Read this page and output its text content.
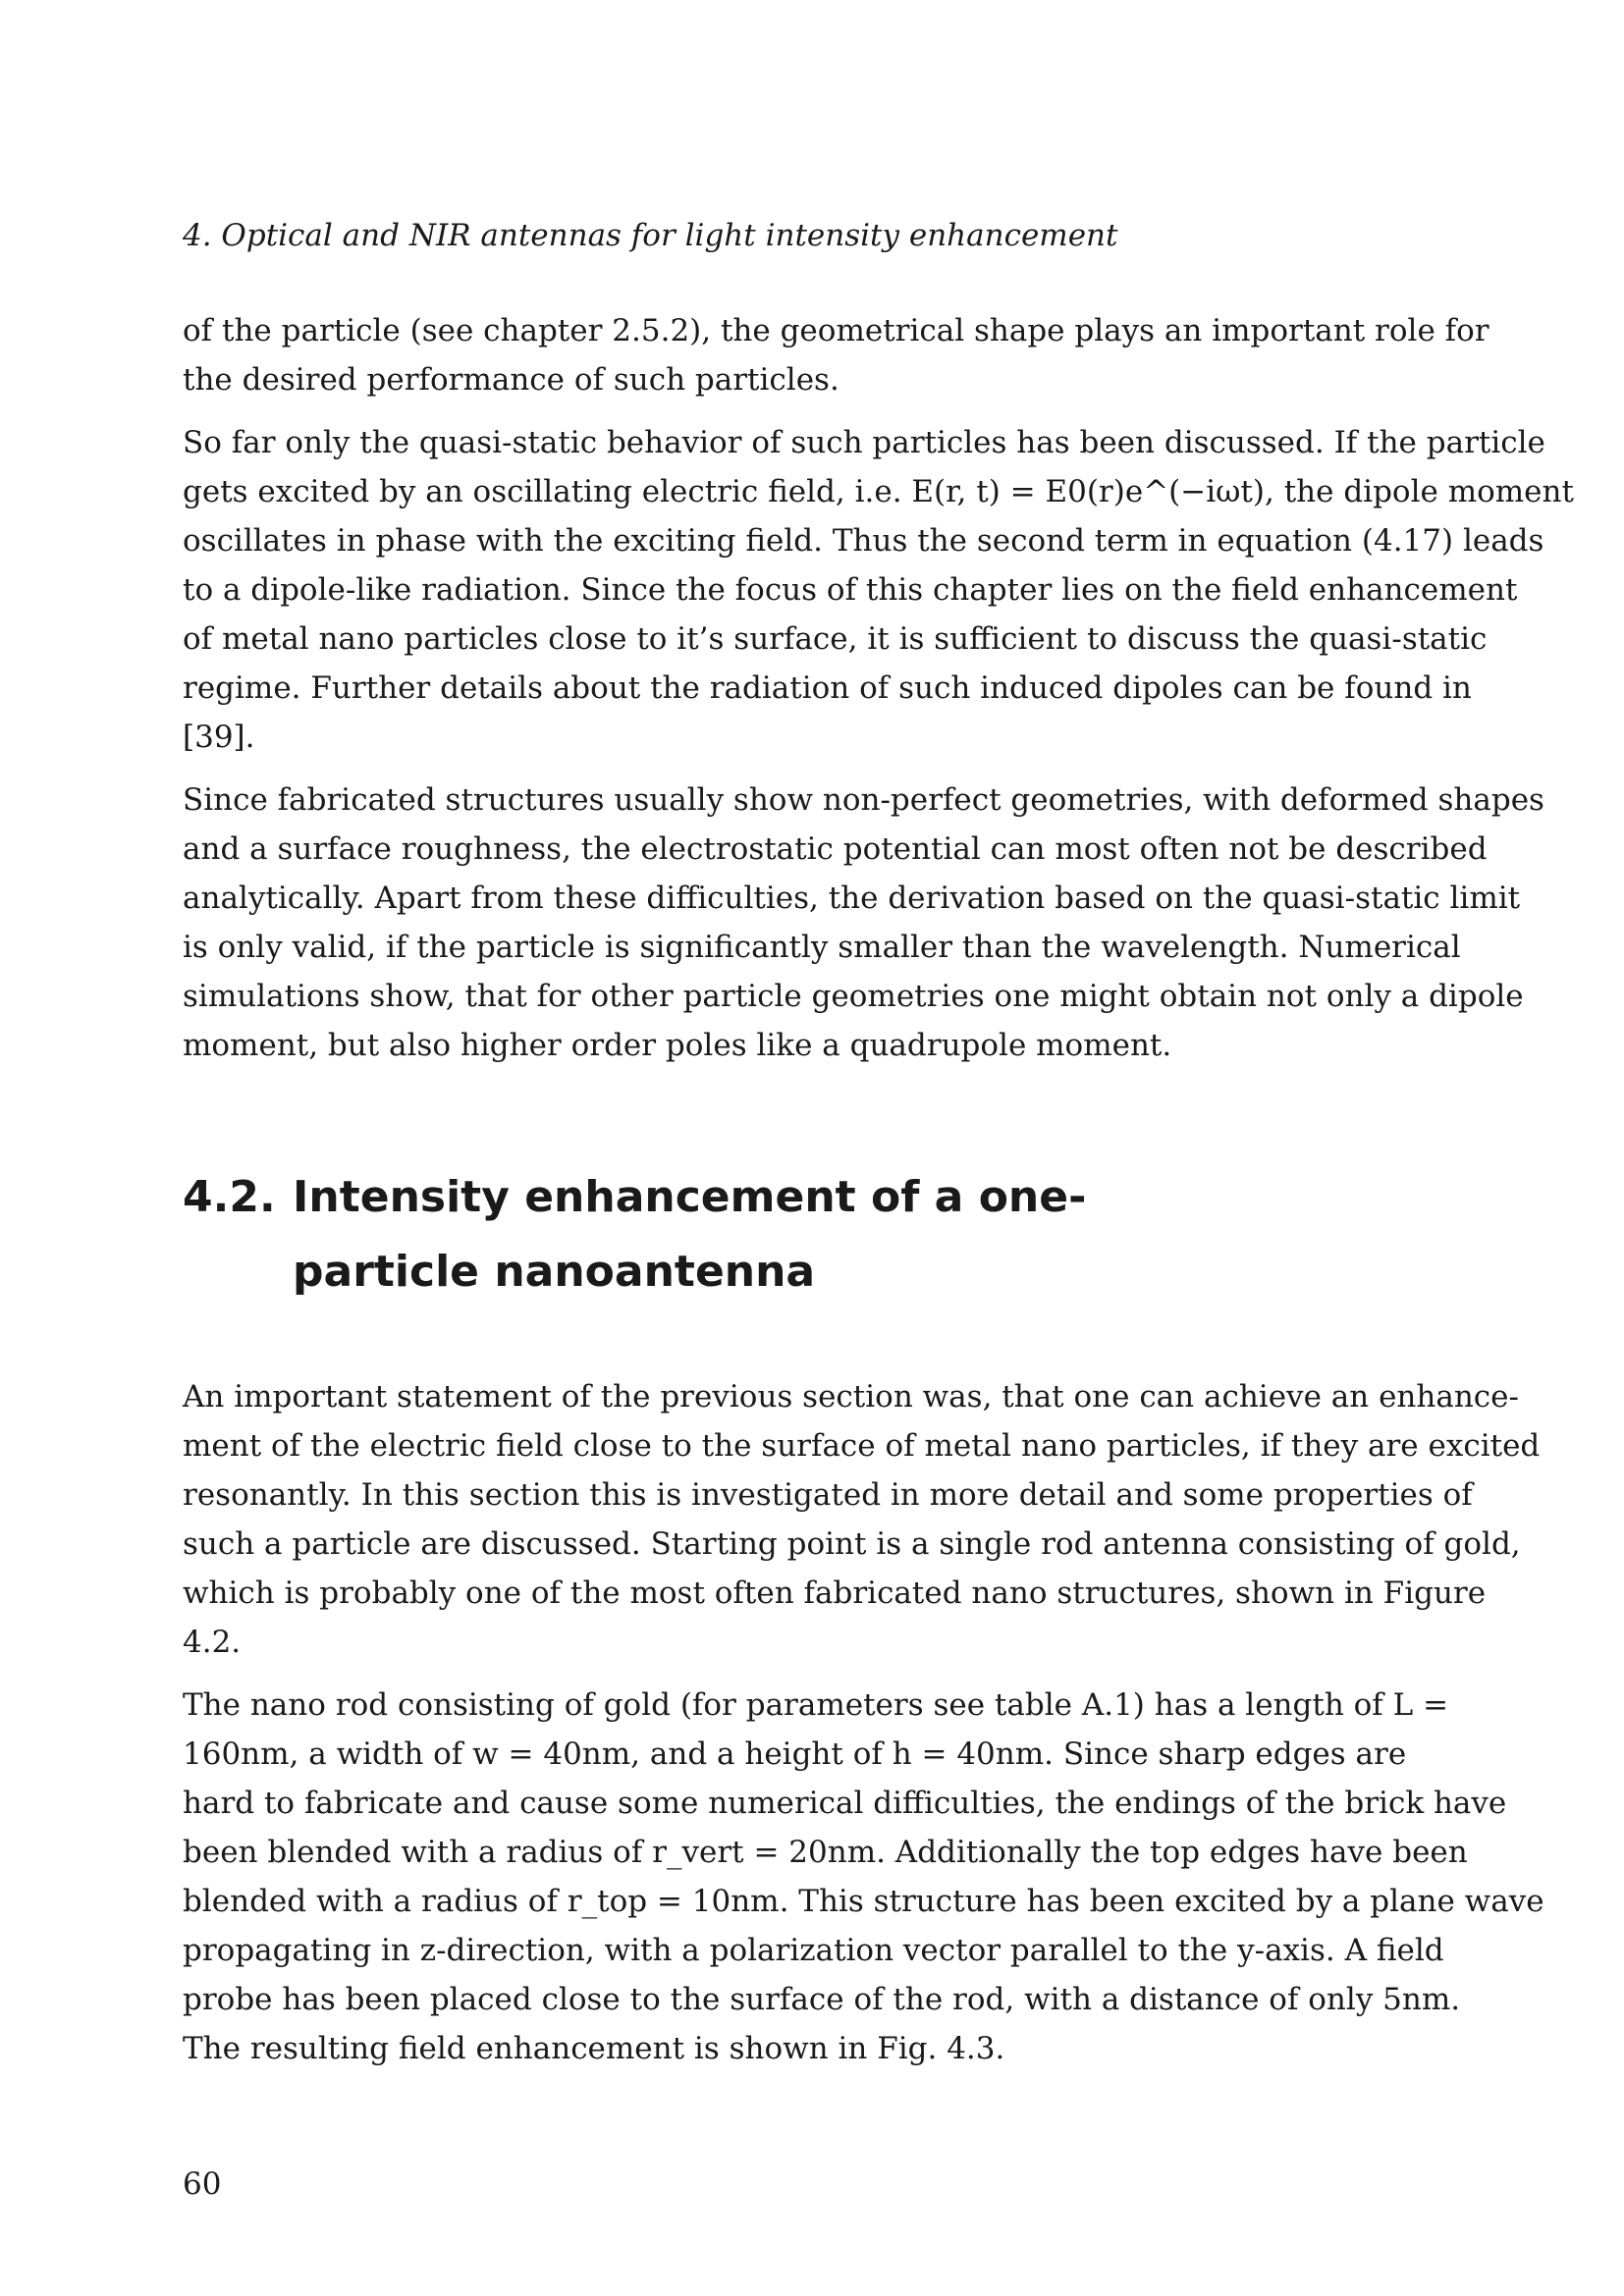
4. Optical and NIR antennas for light intensity enhancement

of the particle (see chapter 2.5.2), the geometrical shape plays an important role for
the desired performance of such particles.

So far only the quasi-static behavior of such particles has been discussed. If the particle
gets excited by an oscillating electric field, i.e. E(r, t) = E0(r)e^(−iωt), the dipole moment
oscillates in phase with the exciting field. Thus the second term in equation (4.17) leads
to a dipole-like radiation. Since the focus of this chapter lies on the field enhancement
of metal nano particles close to it’s surface, it is sufficient to discuss the quasi-static
regime. Further details about the radiation of such induced dipoles can be found in
[39].

Since fabricated structures usually show non-perfect geometries, with deformed shapes
and a surface roughness, the electrostatic potential can most often not be described
analytically. Apart from these difficulties, the derivation based on the quasi-static limit
is only valid, if the particle is significantly smaller than the wavelength. Numerical
simulations show, that for other particle geometries one might obtain not only a dipole
moment, but also higher order poles like a quadrupole moment.

4.2. Intensity enhancement of a one-particle nanoantenna

An important statement of the previous section was, that one can achieve an enhance-
ment of the electric field close to the surface of metal nano particles, if they are excited
resonantly. In this section this is investigated in more detail and some properties of
such a particle are discussed. Starting point is a single rod antenna consisting of gold,
which is probably one of the most often fabricated nano structures, shown in Figure
4.2.

The nano rod consisting of gold (for parameters see table A.1) has a length of L =
160nm, a width of w = 40nm, and a height of h = 40nm. Since sharp edges are
hard to fabricate and cause some numerical difficulties, the endings of the brick have
been blended with a radius of r_vert = 20nm. Additionally the top edges have been
blended with a radius of r_top = 10nm. This structure has been excited by a plane wave
propagating in z-direction, with a polarization vector parallel to the y-axis. A field
probe has been placed close to the surface of the rod, with a distance of only 5nm.
The resulting field enhancement is shown in Fig. 4.3.

60
